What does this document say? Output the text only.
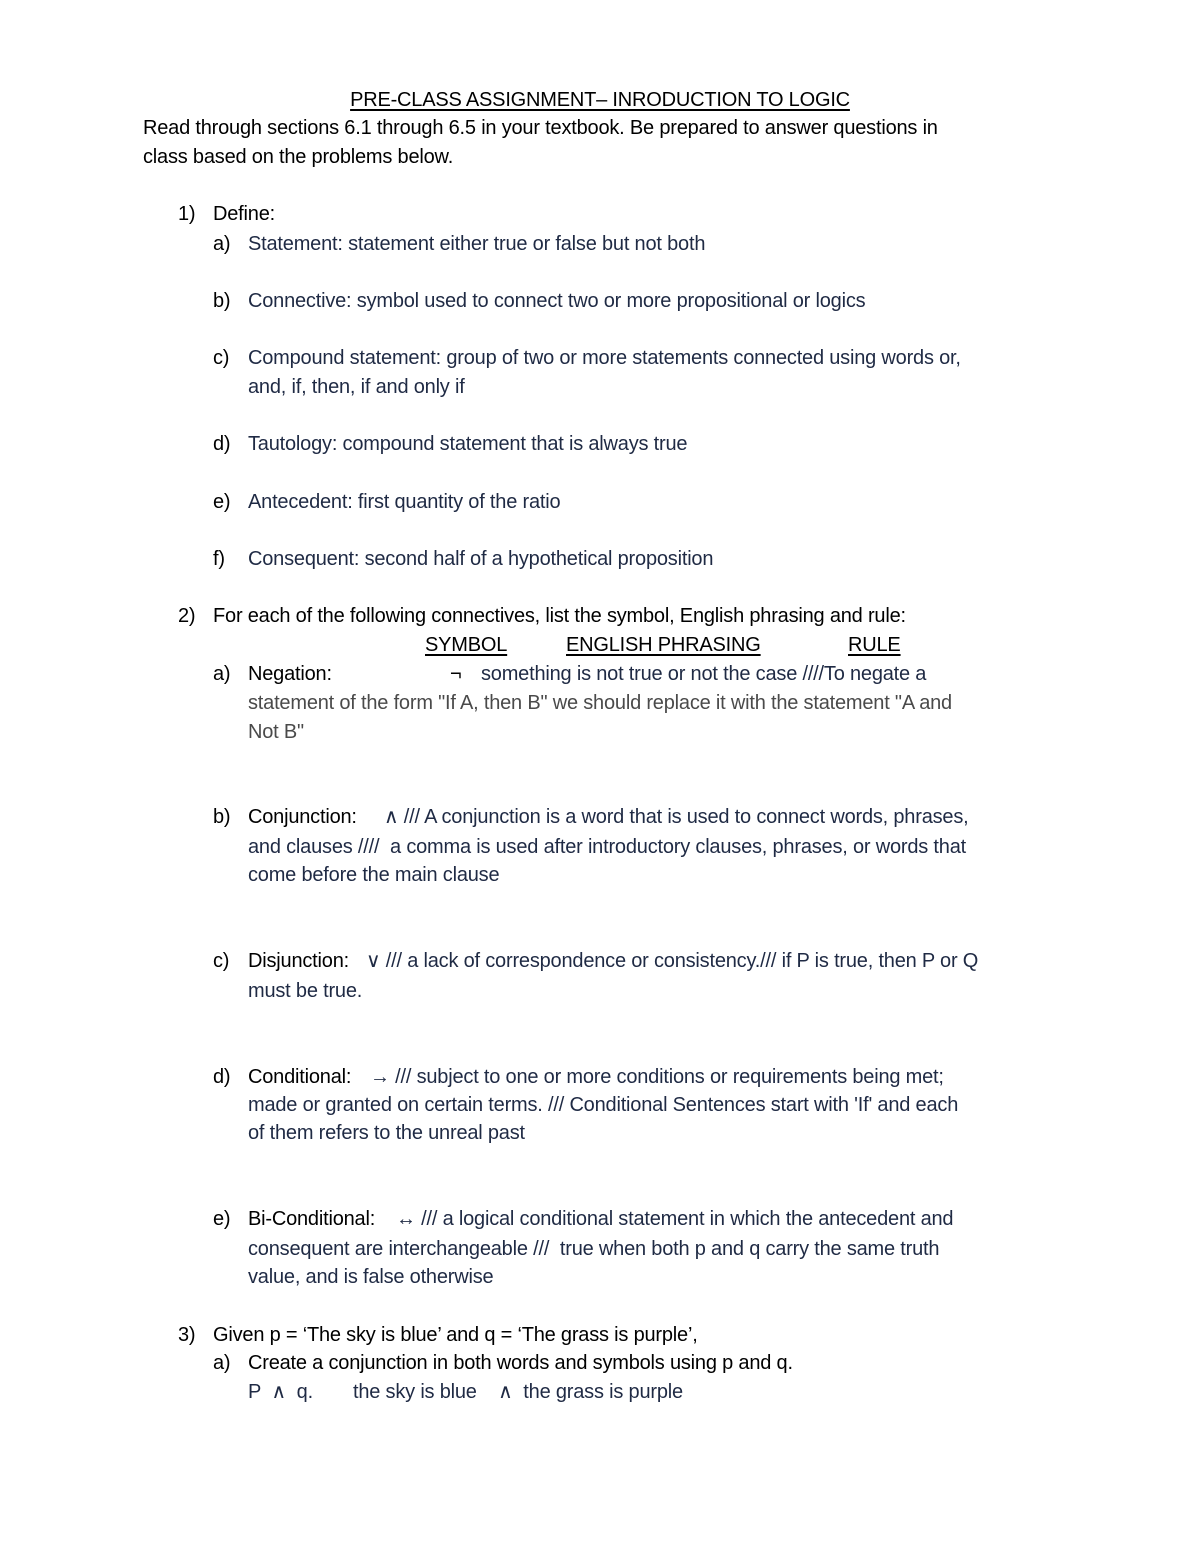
PRE-CLASS ASSIGNMENT– INRODUCTION TO LOGIC
Read through sections 6.1 through 6.5 in your textbook. Be prepared to answer questions in
class based on the problems below.
1) Define:
a) Statement: statement either true or false but not both
b) Connective: symbol used to connect two or more propositional or logics
c) Compound statement: group of two or more statements connected using words or,
and, if, then, if and only if
d) Tautology: compound statement that is always true
e) Antecedent: first quantity of the ratio
f) Consequent: second half of a hypothetical proposition
2) For each of the following connectives, list the symbol, English phrasing and rule:
SYMBOL	ENGLISH PHRASING	RULE
a) Negation:	¬ something is not true or not the case ////To negate a
statement of the form "If A, then B" we should replace it with the statement "A and
Not B"
b) Conjunction: ∧ /// A conjunction is a word that is used to connect words, phrases,
and clauses ////  a comma is used after introductory clauses, phrases, or words that
come before the main clause
c) Disjunction: ∨ /// a lack of correspondence or consistency./// if P is true, then P or Q
must be true.
d) Conditional: → /// subject to one or more conditions or requirements being met;
made or granted on certain terms. /// Conditional Sentences start with 'If' and each
of them refers to the unreal past
e) Bi-Conditional: ↔ /// a logical conditional statement in which the antecedent and
consequent are interchangeable ///  true when both p and q carry the same truth
value, and is false otherwise
3) Given p = ‘The sky is blue’ and q = ‘The grass is purple’,
a) Create a conjunction in both words and symbols using p and q.
P  ∧  q. the sky is blue    ∧  the grass is purple
